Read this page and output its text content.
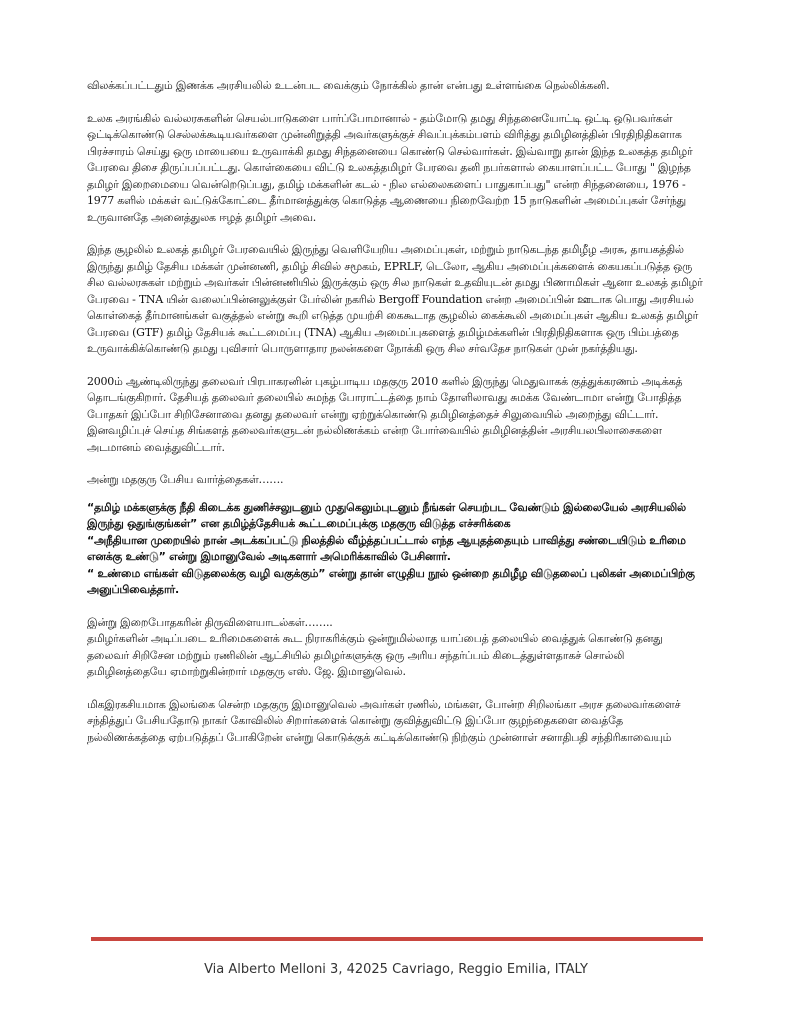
விலக்கப்பட்டதும் இணக்க அரசியலில் உடன்பட வைக்கும் நோக்கில் தான் என்பது உள்ளங்கை நெல்லிக்கனி.

உலக அரங்கில் வல்லரசுகளின் செயல்பாடுகளை பார்ப்போமானால் - தம்மோடு தமது சிந்தனையோட்டி ஒட்டி ஒடுபவர்கள் ஒட்டிக்கொண்டு செல்லக்கூடியவர்களை முன்னிறுத்தி அவர்களுக்குச் சிவப்புக்கம்பளம் விரித்து தமிழினத்தின் பிரதிநிதிகளாக பிரச்சாரம் செய்து ஒரு மாயையை உருவாக்கி தமது சிந்தனையை கொண்டு செல்வார்கள். இவ்வாறு தான் இந்த உலகத்த தமிழர் பேரவை திசை திருப்பப்பட்டது. கொள்கையை விட்டு உலகத்தமிழர் பேரவை தனி நபர்களால் கையாளப்பட்ட போது " இழந்த தமிழர் இறைமையை வென்றெடுப்பது, தமிழ் மக்களின் கடல் - நில எல்லைகளைப் பாதுகாப்பது" என்ற சிந்தனையை, 1976 - 1977 களில் மக்கள் வட்டுக்கோட்டை தீர்மானத்துக்கு கொடுத்த ஆணையை நிறைவேற்ற 15 நாடுகளின் அமைப்புகள் சேர்ந்து உருவானதே அனைத்துலக ஈழத் தமிழர் அவை.

இந்த சூழலில் உலகத் தமிழர் பேரவையில் இருந்து வெளியேறிய அமைப்புகள், மற்றும் நாடுகடந்த தமிழீழ அரசு, தாயகத்தில் இருந்து தமிழ் தேசிய மக்கள் முன்னணி, தமிழ் சிவில் சமூகம், EPRLF, டெலோ, ஆகிய அமைப்புக்களைக் கையகப்படுத்த ஒரு சில வல்லரசுகள் மற்றும் அவர்கள் பின்னணியில் இருக்கும் ஒரு சில நாடுகள் உதவியுடன் தமது பிணாமிகள் ஆனா உலகத் தமிழர் பேரவை - TNA யின் வலைப்பின்னலுக்குள் பேர்லின் நகரில் Bergoff Foundation என்ற அமைப்பின் ஊடாக பொது அரசியல் கொள்கைத் தீர்மானங்கள் வகுத்தல் என்று கூறி எடுத்த முயற்சி கைகூடாத சூழலில் கைக்கூலி அமைப்புகள் ஆகிய உலகத் தமிழர் பேரவை (GTF) தமிழ் தேசியக் கூட்டமைப்பு (TNA) ஆகிய அமைப்புகளைத் தமிழ்மக்களின் பிரதிநிதிகளாக ஒரு பிம்பத்தை உருவாக்கிக்கொண்டு தமது புவிசார் பொருளாதார நலன்களை நோக்கி ஒரு சில சர்வதேச நாடுகள் முன் நகர்த்தியது.

2000ம் ஆண்டிலிருந்து தலைவர் பிரபாகரனின் புகழ்பாடிய மதகுரு 2010 களில் இருந்து மெதுவாகக் குத்துக்கரணம் அடிக்கத் தொடங்குகிறார். தேசியத் தலைவர் தலையில் சுமந்த போராட்டத்தை நாம் தோளிலாவது சுமக்க வேண்டாமா என்று போதித்த போதகர் இப்போ சிறிசேனாவை தனது தலைவர் என்று ஏற்றுக்கொண்டு தமிழினத்தைச் சிலுவையில் அறைந்து விட்டார். இனவழிப்புச் செய்த சிங்களத் தலைவர்களுடன் நல்லிணக்கம் என்ற போர்வையில் தமிழினத்தின் அரசியலபிலாசைகளை அடமானம் வைத்துவிட்டார்.

அன்று மதகுரு பேசிய வார்த்தைகள்…….

“தமிழ் மக்களுக்கு நீதி கிடைக்க துணிச்சலுடனும் முதுகெலும்புடனும் நீங்கள் செயற்பட வேண்டும் இல்லையேல் அரசியலில் இருந்து ஒதுங்குங்கள்” என தமிழ்த்தேசியக் கூட்டமைப்புக்கு மதகுரு விடுத்த எச்சரிக்கை

“அநீதியான முறையில் நான் அடக்கப்பட்டு நிலத்தில் வீழ்த்தப்பட்டால் எந்த ஆயுதத்தையும் பாவித்து சண்டையிடும் உரிமை எனக்கு உண்டு” என்று இமானுவேல் அடிகளார் அமெரிக்காவில் பேசினார்.

“ உண்மை எங்கள் விடுதலைக்கு வழி வகுக்கும்” என்று தான் எழுதிய நூல் ஒன்றை தமிழீழ விடுதலைப் புலிகள் அமைப்பிற்கு அனுப்பிவைத்தார்.

இன்று இறைபோதகரின் திருவிளையாடல்கள்……..

தமிழர்களின் அடிப்படை உரிமைகளைக் கூட நிராகரிக்கும் ஒன்றுமில்லாத யாப்பைத் தலையில் வைத்துக் கொண்டு தனது தலைவர் சிறிசேன மற்றும் ரணிலின் ஆட்சியில் தமிழர்களுக்கு ஒரு அரிய சந்தர்ப்பம் கிடைத்துள்ளதாகச் சொல்லி தமிழினத்தையே ஏமாற்றுகின்றார் மதகுரு எஸ். ஜே. இமானுவெல்.

மிகஇரகசியமாக இலங்கை சென்ற மதகுரு இமானுவெல் அவர்கள் ரணில், மங்கள, போன்ற சிறிலங்கா அரச தலைவர்களைச் சந்தித்துப் பேசியதோடு நாகர் கோவிலில் சிறார்களைக் கொன்று குவித்துவிட்டு இப்போ குழந்தைகளை வைத்தே நல்லிணக்கத்தை ஏற்படுத்தப் போகிறேன் என்று கொடுக்குக் கட்டிக்கொண்டு நிற்கும் முன்னாள் சனாதிபதி சந்திரிகாவையும்

Via Alberto Melloni 3, 42025 Cavriago, Reggio Emilia, ITALY
